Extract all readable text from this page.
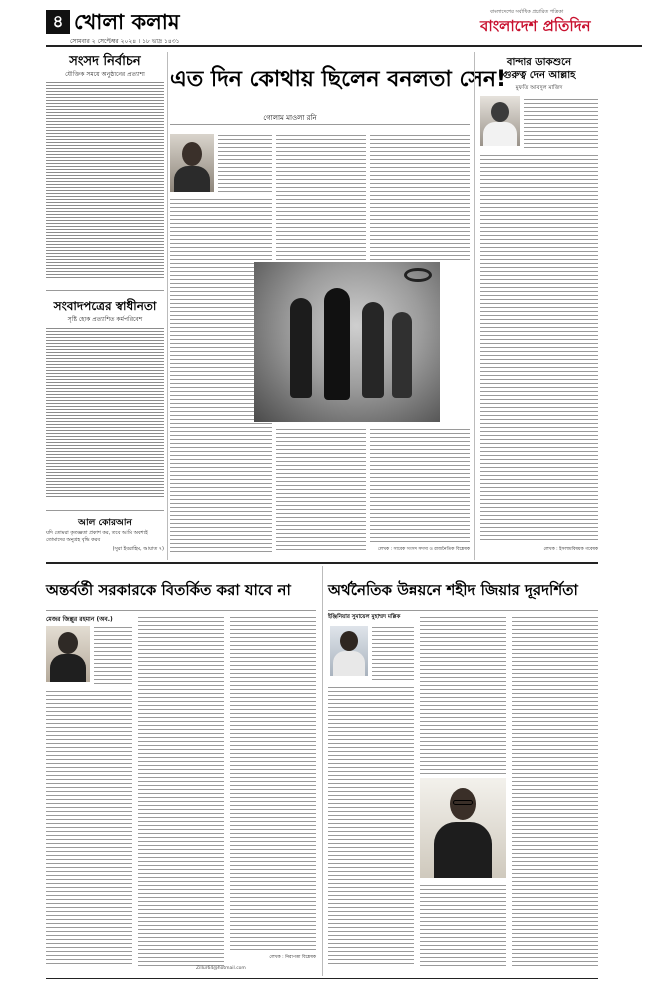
৪ খোলা কলাম	বাংলাদেশের সর্বাধিক প্রচারিত পত্রিকা
বাংলাদেশ প্রতিদিন
সোমবার ২ সেপ্টেম্বর ২০২৪ । ১৮ ভাদ্র ১৪৩১
সংসদ নির্বাচন
যৌক্তিক সময়ে অনুষ্ঠানের প্রত্যাশা
সংবাদপত্রের স্বাধীনতা
সৃষ্টি হোক প্রত্যাশিত কর্মপরিবেশ
আল কোরআন
যদি তোমরা কৃতজ্ঞতা প্রকাশ কর, তবে আমি অবশ্যই তোমাদের অনুগ্রহ বৃদ্ধি করব
(সুরা ইবরাহিম, আয়াত ৭)
এত দিন কোথায় ছিলেন বনলতা সেন!
গোলাম মাওলা রনি
লেখক : সাবেক সংসদ সদস্য ও রাজনৈতিক বিশ্লেষক
বান্দার ডাকশুনে
গুরুত্ব দেন আল্লাহ
মুফতি আবদুল মাজিদ
লেখক : ইসলামবিষয়ক গবেষক
অন্তর্বর্তী সরকারকে বিতর্কিত করা যাবে না
মেজর জিল্লুর রহমান (অব.)
লেখক : নিরাপত্তা বিশ্লেষক
Zillur64@hotmail.com
অর্থনৈতিক উন্নয়নে শহীদ জিয়ার দূরদর্শিতা
ইঞ্জিনিয়ার সুমায়েল মুহাম্মদ মল্লিক
